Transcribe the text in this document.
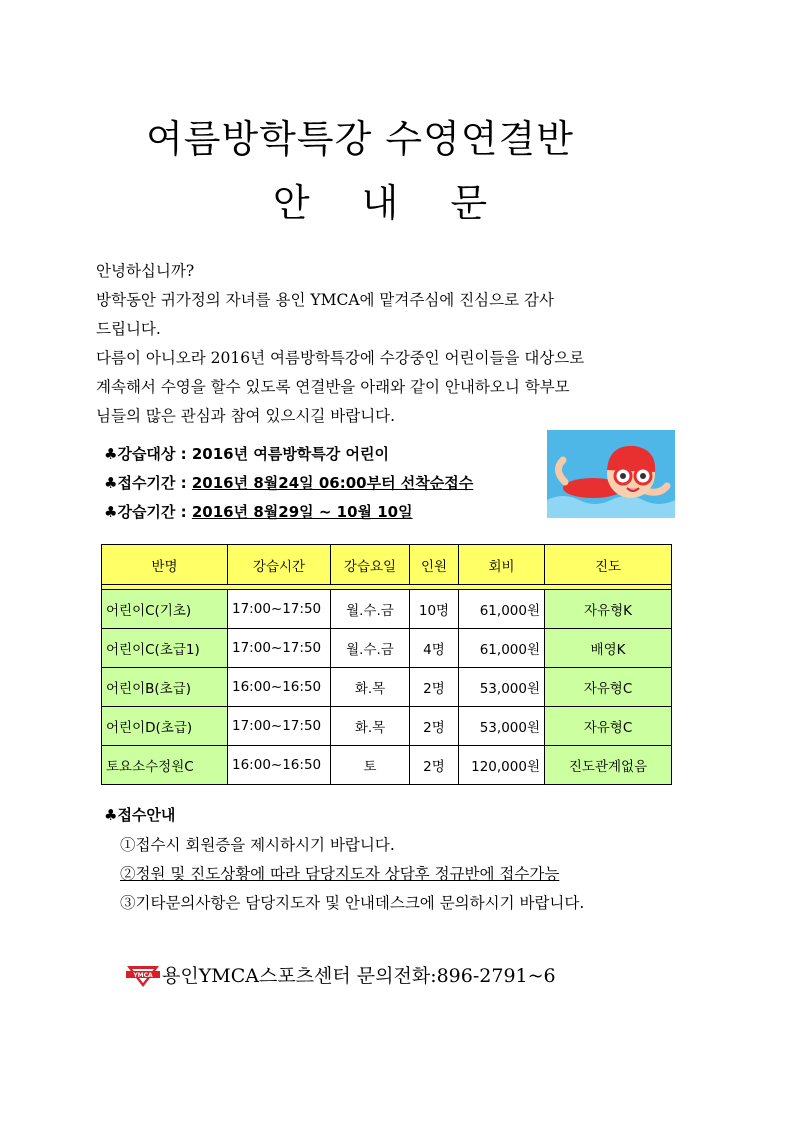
여름방학특강 수영연결반
안 내 문
안녕하십니까?
방학동안 귀가정의 자녀를 용인 YMCA에 맡겨주심에 진심으로 감사
드립니다.
다름이 아니오라 2016년 여름방학특강에 수강중인 어린이들을 대상으로
계속해서 수영을 할수 있도록 연결반을 아래와 같이 안내하오니 학부모
님들의 많은 관심과 참여 있으시길 바랍니다.
♣강습대상 : 2016년 여름방학특강 어린이
♣접수기간 : 2016년 8월24일 06:00부터 선착순접수
♣강습기간 : 2016년 8월29일 ~ 10월 10일
반명	강습시간	강습요일	인원	회비	진도

어린이C(기초)	17:00~17:50	월.수.금	10명	61,000원	자유형K
어린이C(초급1)	17:00~17:50	월.수.금	4명	61,000원	배영K
어린이B(초급)	16:00~16:50	화.목	2명	53,000원	자유형C
어린이D(초급)	17:00~17:50	화.목	2명	53,000원	자유형C
토요소수정원C	16:00~16:50	토	2명	120,000원	진도관계없음
♣접수안내
①접수시 회원증을 제시하시기 바랍니다.
②정원 및 진도상황에 따라 담당지도자 상담후 정규반에 접수가능
③기타문의사항은 담당지도자 및 안내데스크에 문의하시기 바랍니다.
YMCA 용인YMCA스포츠센터 문의전화:896-2791~6
